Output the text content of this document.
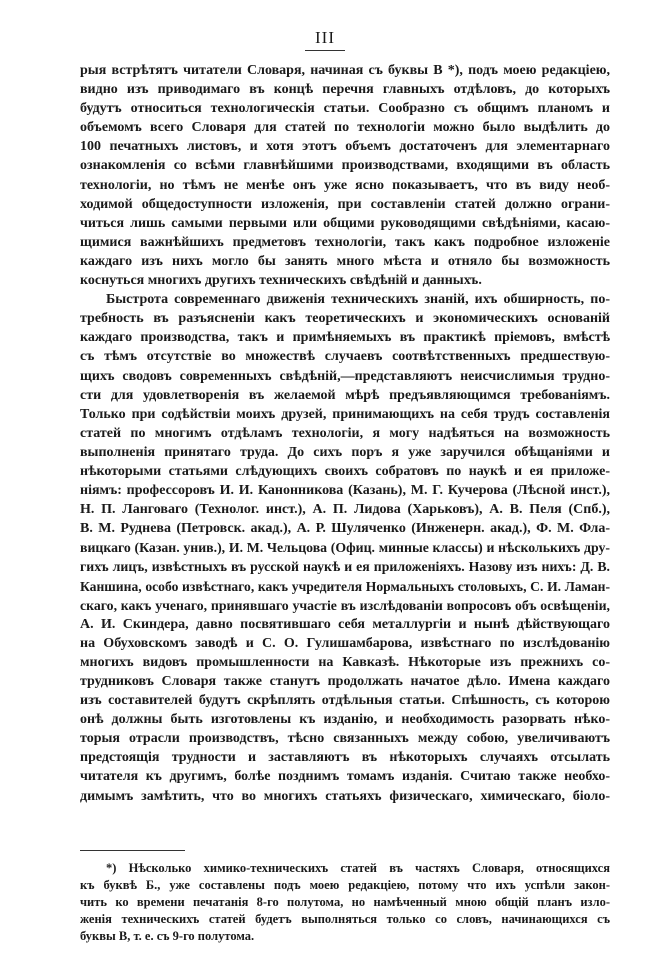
III
рыя встрѣтятъ читатели Словаря, начиная съ буквы В *), подъ моею редакціею,
видно изъ приводимаго въ концѣ перечня главныхъ отдѣловъ, до которыхъ
будутъ относиться технологическія статьи. Сообразно съ общимъ планомъ и
объемомъ всего Словаря для статей по технологіи можно было выдѣлить до
100 печатныхъ листовъ, и хотя этотъ объемъ достаточенъ для элементарнаго
ознакомленія со всѣми главнѣйшими производствами, входящими въ область
технологіи, но тѣмъ не менѣе онъ уже ясно показываетъ, что въ виду необ-
ходимой общедоступности изложенія, при составленіи статей должно ограни-
читься лишь самыми первыми или общими руководящими свѣдѣніями, касаю-
щимися важнѣйшихъ предметовъ технологіи, такъ какъ подробное изложеніе
каждаго изъ нихъ могло бы занять много мѣста и отняло бы возможность
коснуться многихъ другихъ техническихъ свѣдѣній и данныхъ.
Быстрота современнаго движенія техническихъ знаній, ихъ обширность, по-
требность въ разъясненіи какъ теоретическихъ и экономическихъ основаній
каждаго производства, такъ и примѣняемыхъ въ практикѣ пріемовъ, вмѣстѣ
съ тѣмъ отсутствіе во множествѣ случаевъ соотвѣтственныхъ предшествую-
щихъ сводовъ современныхъ свѣдѣній,—представляютъ неисчислимыя трудно-
сти для удовлетворенія въ желаемой мѣрѣ предъявляющимся требованіямъ.
Только при содѣйствіи моихъ друзей, принимающихъ на себя трудъ составленія
статей по многимъ отдѣламъ технологіи, я могу надѣяться на возможность
выполненія принятаго труда. До сихъ поръ я уже заручился обѣщаніями и
нѣкоторыми статьями слѣдующихъ своихъ собратовъ по наукѣ и ея приложе-
ніямъ: профессоровъ И. И. Канонникова (Казань), М. Г. Кучерова (Лѣсной инст.),
Н. П. Ланговаго (Технолог. инст.), А. П. Лидова (Харьковъ), А. В. Пеля (Спб.),
В. М. Руднева (Петровск. акад.), А. Р. Шуляченко (Инженерн. акад.), Ф. М. Фла-
вицкаго (Казан. унив.), И. М. Чельцова (Офиц. минные классы) и нѣсколькихъ дру-
гихъ лицъ, извѣстныхъ въ русской наукѣ и ея приложеніяхъ. Назову изъ нихъ: Д. В.
Каншина, особо извѣстнаго, какъ учредителя Нормальныхъ столовыхъ, С. И. Ламан-
скаго, какъ ученаго, принявшаго участіе въ изслѣдованіи вопросовъ объ освѣщеніи,
А. И. Скиндера, давно посвятившаго себя металлургіи и нынѣ дѣйствующаго
на Обуховскомъ заводѣ и С. О. Гулишамбарова, извѣстнаго по изслѣдованію
многихъ видовъ промышленности на Кавказѣ. Нѣкоторые изъ прежнихъ со-
трудниковъ Словаря также станутъ продолжать начатое дѣло. Имена каждаго
изъ составителей будутъ скрѣплять отдѣльныя статьи. Спѣшность, съ которою
онѣ должны быть изготовлены къ изданію, и необходимость разорвать нѣко-
торыя отрасли производствъ, тѣсно связанныхъ между собою, увеличиваютъ
предстоящія трудности и заставляютъ въ нѣкоторыхъ случаяхъ отсылать
читателя къ другимъ, болѣе позднимъ томамъ изданія. Считаю также необхо-
димымъ замѣтить, что во многихъ статьяхъ физическаго, химическаго, біоло-
*) Нѣсколько химико-техническихъ статей въ частяхъ Словаря, относящихся
къ буквѣ Б., уже составлены подъ моею редакціею, потому что ихъ успѣли закон-
чить ко времени печатанія 8-го полутома, но намѣченный мною общій планъ изло-
женія техническихъ статей будетъ выполняться только со словъ, начинающихся съ
буквы В, т. е. съ 9-го полутома.
